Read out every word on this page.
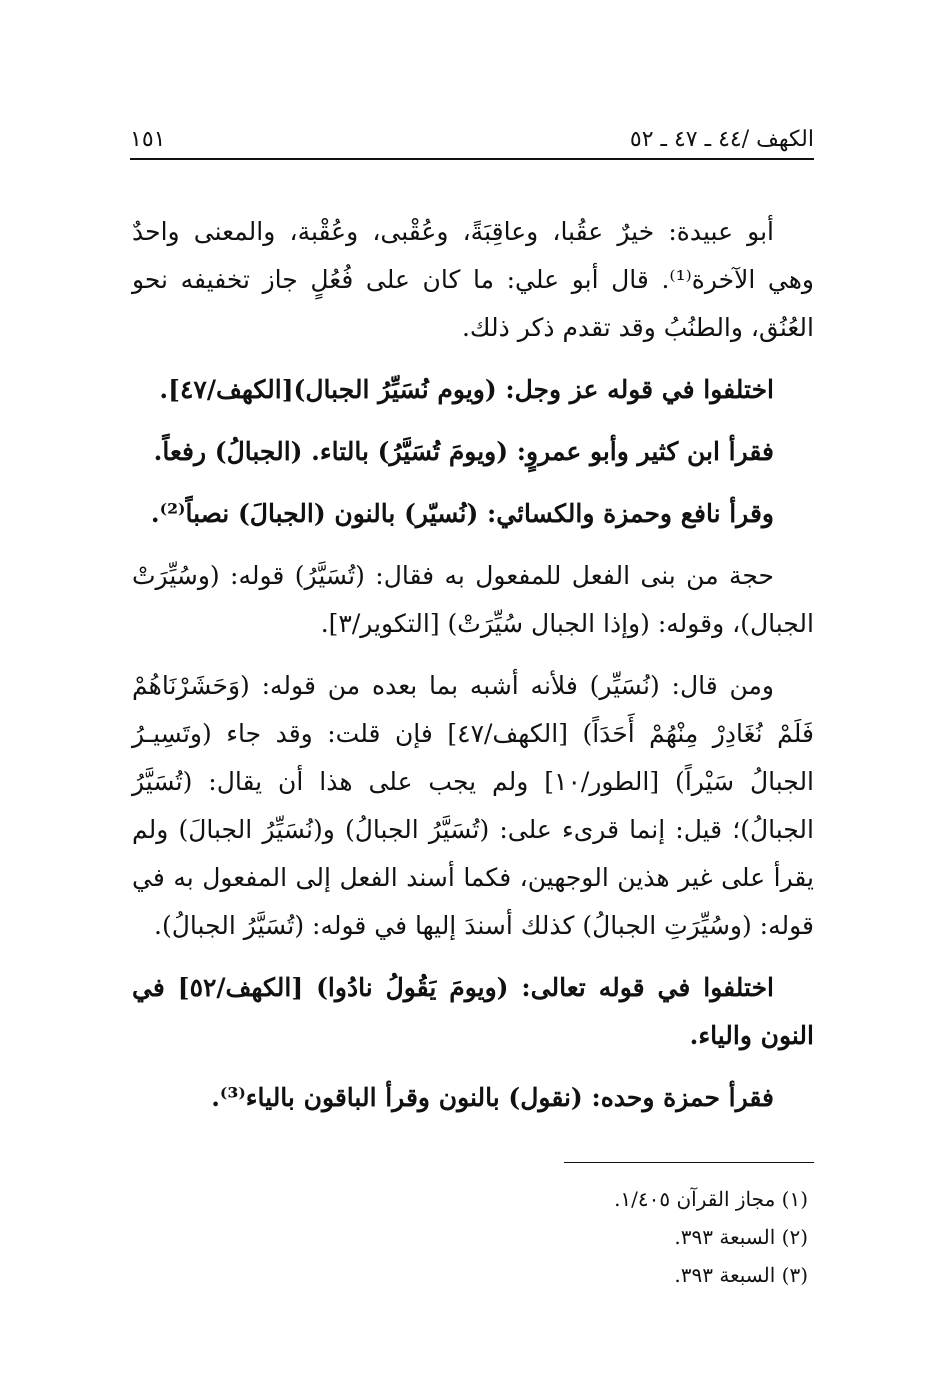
١٥١	الكهف /٤٤ ـ ٤٧ ـ ٥٢

أبو عبيدة: خيرٌ عقُبا، وعاقِبَةً، وعُقْبى، وعُقْبة، والمعنى واحدٌ وهي الآخرة⁽¹⁾. قال أبو علي: ما كان على فُعُلٍ جاز تخفيفه نحو العُنُق، والطنُبُ وقد تقدم ذكر ذلك.

اختلفوا في قوله عز وجل: (ويوم نُسَيِّرُ الجبال)[الكهف/٤٧].

فقرأ ابن كثير وأبو عمروٍ: (ويومَ تُسَيَّرُ) بالتاء. (الجبالُ) رفعاً.

وقرأ نافع وحمزة والكسائي: (نُسيّر) بالنون (الجبالَ) نصباً⁽²⁾.

حجة من بنى الفعل للمفعول به فقال: (تُسَيَّرُ) قوله: (وسُيِّرَتْ الجبال)، وقوله: (وإذا الجبال سُيِّرَتْ) [التكوير/٣].

ومن قال: (نُسَيِّر) فلأنه أشبه بما بعده من قوله: (وَحَشَرْنَاهُمْ فَلَمْ نُغَادِرْ مِنْهُمْ أَحَدَاً) [الكهف/٤٧] فإن قلت: وقد جاء (وتَسِيـرُ الجبالُ سَيْراً) [الطور/١٠] ولم يجب على هذا أن يقال: (تُسَيَّرُ الجبالُ)؛ قيل: إنما قرىء على: (تُسَيَّرُ الجبالُ) و(نُسَيِّرُ الجبالَ) ولم يقرأ على غير هذين الوجهين، فكما أسند الفعل إلى المفعول به في قوله: (وسُيِّرَتِ الجبالُ) كذلك أسندَ إليها في قوله: (تُسَيَّرُ الجبالُ).

اختلفوا في قوله تعالى: (ويومَ يَقُولُ نادُوا) [الكهف/٥٢] في النون والياء.

فقرأ حمزة وحده: (نقول) بالنون وقرأ الباقون بالياء⁽³⁾.

(١) مجاز القرآن ١/٤٠٥.
(٢) السبعة ٣٩٣.
(٣) السبعة ٣٩٣.
